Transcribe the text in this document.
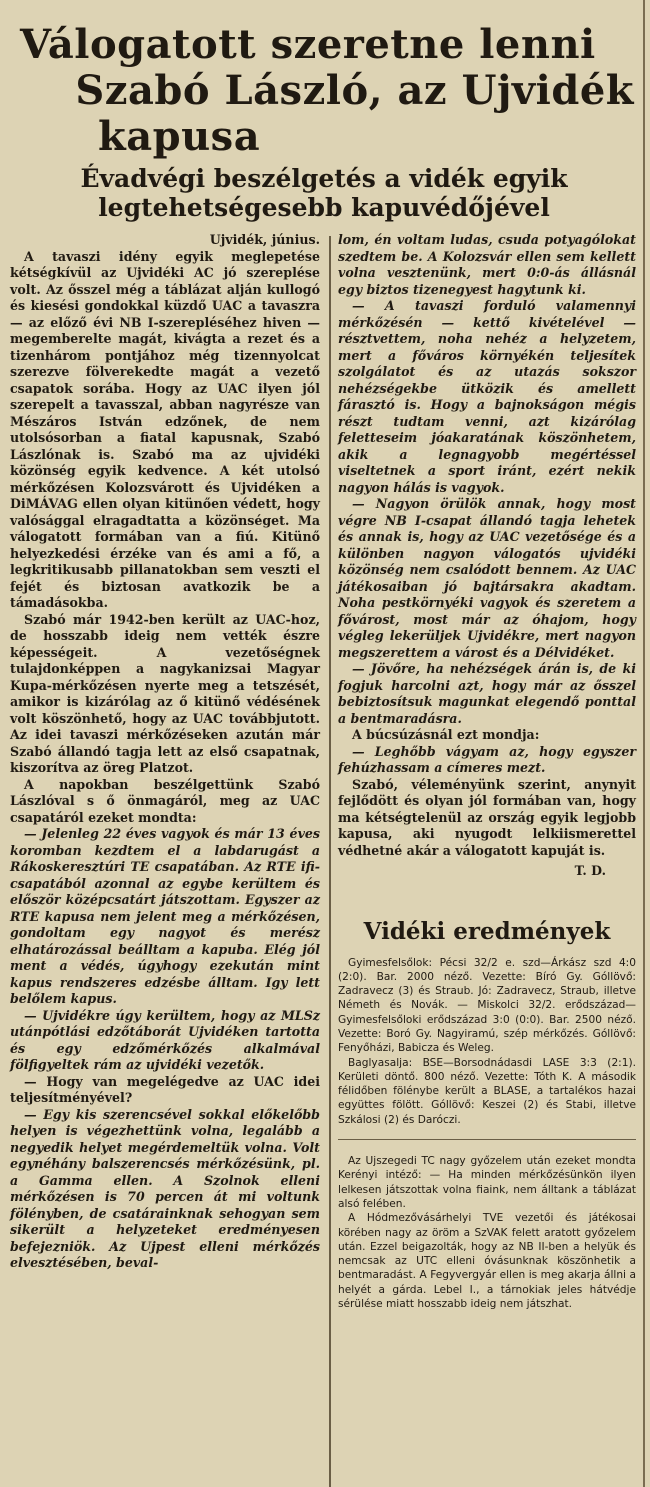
Válogatott szeretne lenni

Szabó László, az Ujvidék

kapusa

Évadvégi beszélgetés a vidék egyik

legtehetségesebb kapuvédőjével

Ujvidék, június.

A tavaszi idény egyik meglepetése kétségkívül az Ujvidéki AC jó szereplése volt. Az ősszel még a táblázat alján kullogó és kiesési gondokkal küzdő UAC a tavaszra — az előző évi NB I-szerepléséhez hiven — megemberelte magát, kivágta a rezet és a tizenhárom pontjához még tizennyolcat szerezve fölverekedte magát a vezető csapatok sorába. Hogy az UAC ilyen jól szerepelt a tavasszal, abban nagyrésze van Mészáros István edzőnek, de nem utolsósorban a fiatal kapusnak, Szabó Lászlónak is. Szabó ma az ujvidéki közönség egyik kedvence. A két utolsó mérkőzésen Kolozsvárott és Ujvidéken a DiMÁVAG ellen olyan kitünően védett, hogy valósággal elragadtatta a közönséget. Ma válogatott formában van a fiú. Kitünő helyezkedési érzéke van és ami a fő, a legkritikusabb pillanatokban sem veszti el fejét és biztosan avatkozik be a támadásokba.

Szabó már 1942-ben került az UAC-hoz, de hosszabb ideig nem vették észre képességeit. A vezetőségnek tulajdonképpen a nagykanizsai Magyar Kupa-mérkőzésen nyerte meg a tetszését, amikor is kizárólag az ő kitünő védésének volt köszönhető, hogy az UAC továbbjutott. Az idei tavaszi mérkőzéseken azután már Szabó állandó tagja lett az első csapatnak, kiszorítva az öreg Platzot.

A napokban beszélgettünk Szabó Lászlóval s ő önmagáról, meg az UAC csapatáról ezeket mondta:

— Jelenleg 22 éves vagyok és már 13 éves koromban kezdtem el a labdarugást a Rákoskeresztúri TE csapatában. Az RTE ifi-csapatából azonnal az egybe kerültem és először középcsatárt játszottam. Egyszer az RTE kapusa nem jelent meg a mérkőzésen, gondoltam egy nagyot és merész elhatározással beálltam a kapuba. Elég jól ment a védés, úgyhogy ezekután mint kapus rendszeres edzésbe álltam. Igy lett belőlem kapus.

— Ujvidékre úgy kerültem, hogy az MLSz utánpótlási edzőtáborát Ujvidéken tartotta és egy edzőmérkőzés alkalmával fölfigyeltek rám az ujvidéki vezetők.

— Hogy van megelégedve az UAC idei teljesítményével?

— Egy kis szerencsével sokkal előkelőbb helyen is végezhettünk volna, legalább a negyedik helyet megérdemeltük volna. Volt egynéhány balszerencsés mérkőzésünk, pl. a Gamma ellen. A Szolnok elleni mérkőzésen is 70 percen át mi voltunk fölényben, de csatárainknak sehogyan sem sikerült a helyzeteket eredményesen befejezniök. Az Ujpest elleni mérkőzés elvesztésében, beval-

lom, én voltam ludas, csuda potyagólokat szedtem be. A Kolozsvár ellen sem kellett volna vesztenünk, mert 0:0-ás állásnál egy biztos tizenegyest hagytunk ki.

— A tavaszi forduló valamennyi mérkőzésén — kettő kivételével — résztvettem, noha nehéz a helyzetem, mert a főváros környékén teljesítek szolgálatot és az utazás sokszor nehézségekbe ütközik és amellett fárasztó is. Hogy a bajnokságon mégis részt tudtam venni, azt kizárólag feletteseim jóakaratának köszönhetem, akik a legnagyobb megértéssel viseltetnek a sport iránt, ezért nekik nagyon hálás is vagyok.

— Nagyon örülök annak, hogy most végre NB I-csapat állandó tagja lehetek és annak is, hogy az UAC vezetősége és a különben nagyon válogatós ujvidéki közönség nem csalódott bennem. Az UAC játékosaiban jó bajtársakra akadtam. Noha pestkörnyéki vagyok és szeretem a fővárost, most már az óhajom, hogy végleg lekerüljek Ujvidékre, mert nagyon megszerettem a várost és a Délvidéket.

— Jövőre, ha nehézségek árán is, de ki fogjuk harcolni azt, hogy már az ősszel bebiztosítsuk magunkat elegendő ponttal a bentmaradásra.

A búcsúzásnál ezt mondja:

— Leghőbb vágyam az, hogy egyszer fehúzhassam a címeres mezt.

Szabó, véleményünk szerint, anynyit fejlődött és olyan jól formában van, hogy ma kétségtelenül az ország egyik legjobb kapusa, aki nyugodt lelkiismerettel védhetné akár a válogatott kapuját is.

T. D.
Vidéki eredmények

Gyimesfelsőlok: Pécsi 32/2 e. szd—Árkász szd 4:0 (2:0). Bar. 2000 néző. Vezette: Bíró Gy. Góllövő: Zadravecz (3) és Straub. Jó: Zadravecz, Straub, illetve Németh és Novák. — Miskolci 32/2. erődszázad—Gyimesfelsőloki erődszázad 3:0 (0:0). Bar. 2500 néző. Vezette: Boró Gy. Nagyiramú, szép mérkőzés. Góllövő: Fenyőházi, Babicza és Weleg.

Baglyasalja: BSE—Borsodnádasdi LASE 3:3 (2:1). Kerületi döntő. 800 néző. Vezette: Tóth K. A második félidőben fölénybe került a BLASE, a tartalékos hazai együttes fölött. Góllövő: Keszei (2) és Stabi, illetve Szkálosi (2) és Daróczi.

Az Ujszegedi TC nagy győzelem után ezeket mondta Kerényi intéző: — Ha minden mérkőzésünkön ilyen lelkesen játszottak volna fiaink, nem álltank a táblázat alsó felében.

A Hódmezővásárhelyi TVE vezetői és játékosai körében nagy az öröm a SzVAK felett aratott győzelem után. Ezzel beigazolták, hogy az NB II-ben a helyük és nemcsak az UTC elleni óvásunknak köszönhetik a bentmaradást. A Fegyvergyár ellen is meg akarja állni a helyét a gárda. Lebel I., a tárnokiak jeles hátvédje sérülése miatt hosszabb ideig nem játszhat.
